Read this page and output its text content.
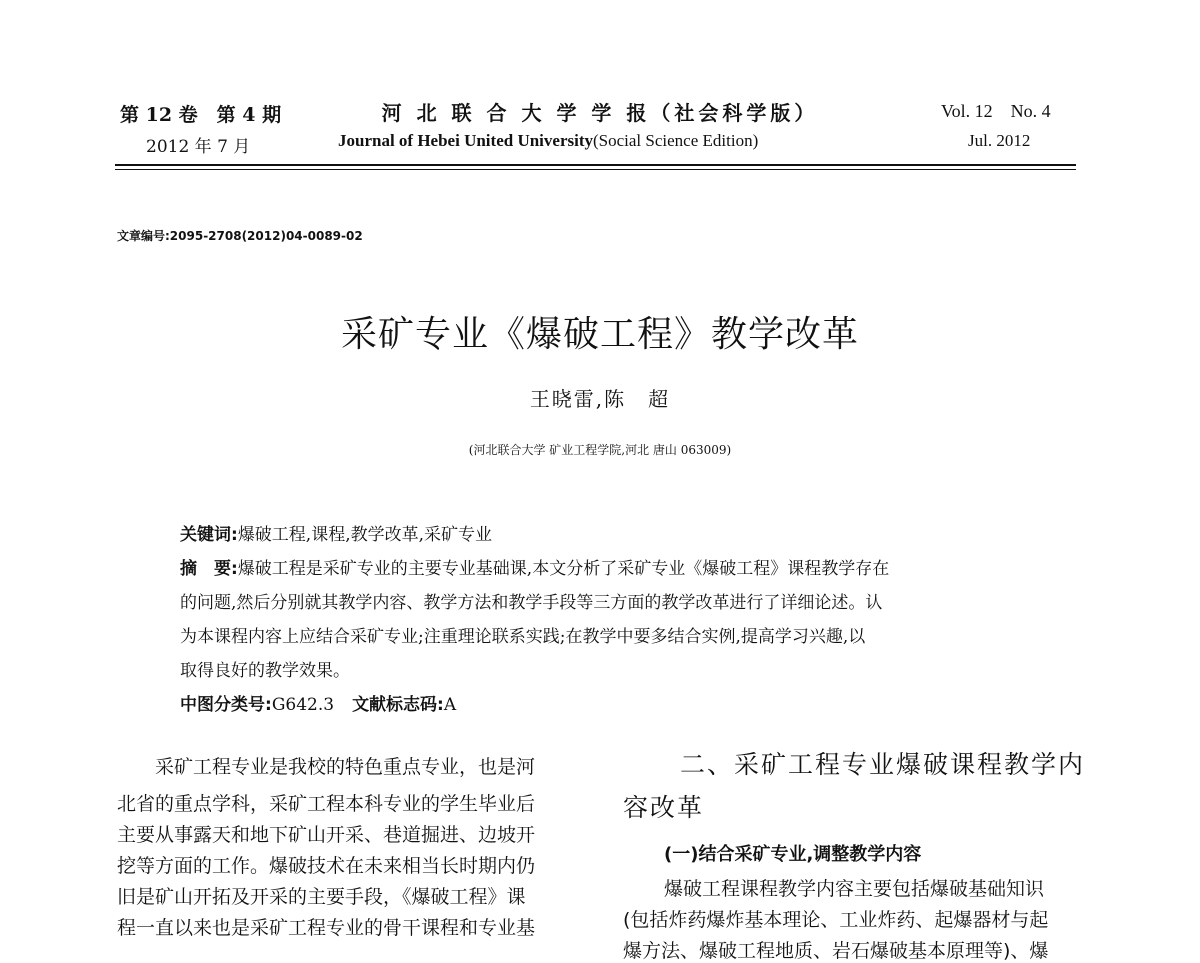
第 12 卷　第 4 期
2012 年 7 月
河 北 联 合 大 学 学 报（社会科学版）
Journal of Hebei United University(Social Science Edition)
Vol. 12　No. 4
Jul. 2012
文章编号:2095-2708(2012)04-0089-02
采矿专业《爆破工程》教学改革
王晓雷,陈　超
(河北联合大学 矿业工程学院,河北 唐山 063009)
关键词:爆破工程,课程,教学改革,采矿专业
摘　要:爆破工程是采矿专业的主要专业基础课,本文分析了采矿专业《爆破工程》课程教学存在
的问题,然后分别就其教学内容、教学方法和教学手段等三方面的教学改革进行了详细论述。认
为本课程内容上应结合采矿专业;注重理论联系实践;在教学中要多结合实例,提高学习兴趣,以
取得良好的教学效果。
中图分类号:G642.3 文献标志码:A
采矿工程专业是我校的特色重点专业，也是河
北省的重点学科，采矿工程本科专业的学生毕业后
主要从事露天和地下矿山开采、巷道掘进、边坡开
挖等方面的工作。爆破技术在未来相当长时期内仍
旧是矿山开拓及开采的主要手段，《爆破工程》课
程一直以来也是采矿工程专业的骨干课程和专业基
二、采矿工程专业爆破课程教学内
容改革
(一)结合采矿专业,调整教学内容
爆破工程课程教学内容主要包括爆破基础知识
(包括炸药爆炸基本理论、工业炸药、起爆器材与起
爆方法、爆破工程地质、岩石爆破基本原理等)、爆
